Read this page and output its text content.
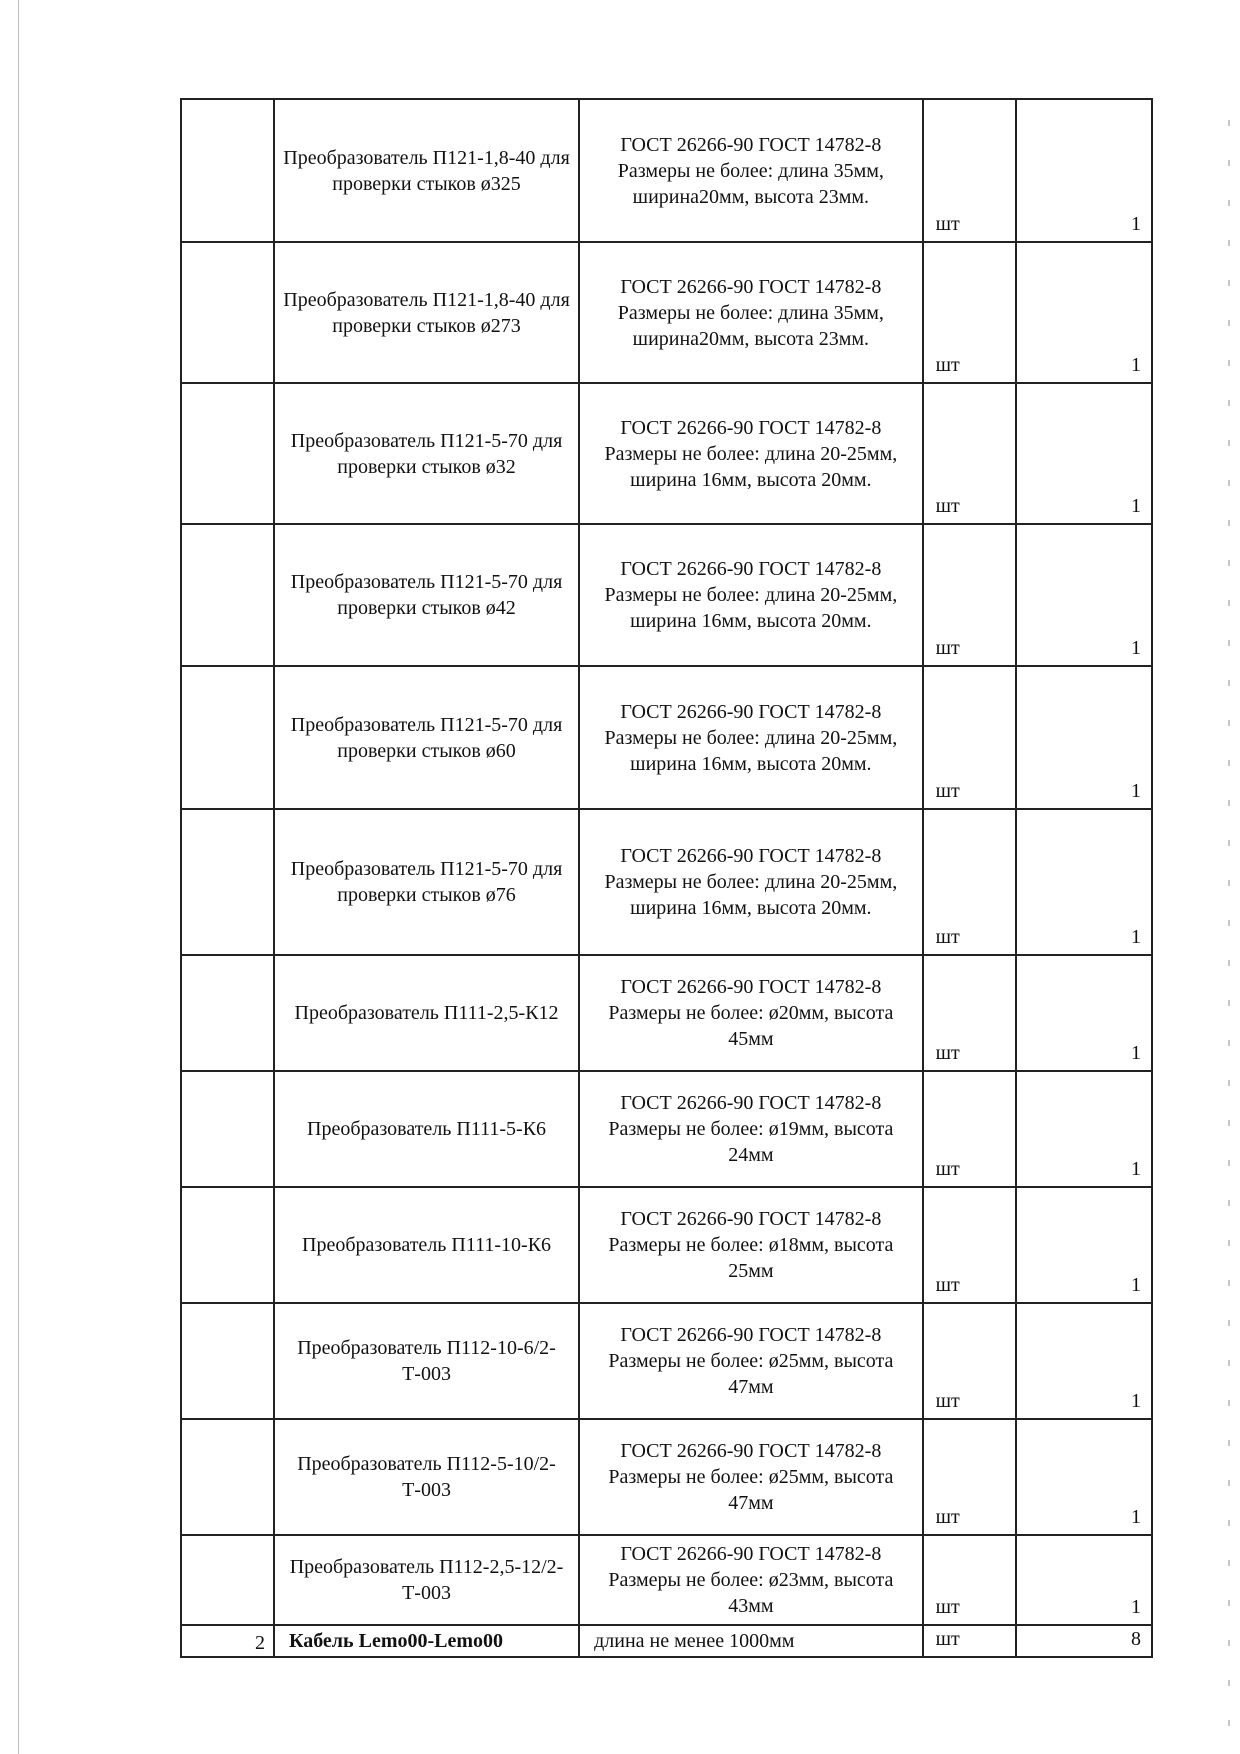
	Преобразователь П121-1,8-40 для проверки стыков ø325	ГОСТ 26266-90 ГОСТ 14782-8 Размеры не более: длина 35мм, ширина20мм, высота 23мм.	шт	1
	Преобразователь П121-1,8-40 для проверки стыков ø273	ГОСТ 26266-90 ГОСТ 14782-8 Размеры не более: длина 35мм, ширина20мм, высота 23мм.	шт	1
	Преобразователь П121-5-70 для проверки стыков ø32	ГОСТ 26266-90 ГОСТ 14782-8 Размеры не более: длина 20-25мм, ширина 16мм, высота 20мм.	шт	1
	Преобразователь П121-5-70 для проверки стыков ø42	ГОСТ 26266-90 ГОСТ 14782-8 Размеры не более: длина 20-25мм, ширина 16мм, высота 20мм.	шт	1
	Преобразователь П121-5-70 для проверки стыков ø60	ГОСТ 26266-90 ГОСТ 14782-8 Размеры не более: длина 20-25мм, ширина 16мм, высота 20мм.	шт	1
	Преобразователь П121-5-70 для проверки стыков ø76	ГОСТ 26266-90 ГОСТ 14782-8 Размеры не более: длина 20-25мм, ширина 16мм, высота 20мм.	шт	1
	Преобразователь П111-2,5-К12	ГОСТ 26266-90 ГОСТ 14782-8 Размеры не более: ø20мм, высота 45мм	шт	1
	Преобразователь П111-5-К6	ГОСТ 26266-90 ГОСТ 14782-8 Размеры не более: ø19мм, высота 24мм	шт	1
	Преобразователь П111-10-К6	ГОСТ 26266-90 ГОСТ 14782-8 Размеры не более: ø18мм, высота 25мм	шт	1
	Преобразователь П112-10-6/2-Т-003	ГОСТ 26266-90 ГОСТ 14782-8 Размеры не более: ø25мм, высота 47мм	шт	1
	Преобразователь П112-5-10/2-Т-003	ГОСТ 26266-90 ГОСТ 14782-8 Размеры не более: ø25мм, высота 47мм	шт	1
	Преобразователь П112-2,5-12/2-Т-003	ГОСТ 26266-90 ГОСТ 14782-8 Размеры не более: ø23мм, высота 43мм	шт	1
2	Кабель Lemo00-Lemo00	длина не менее 1000мм	шт	8
